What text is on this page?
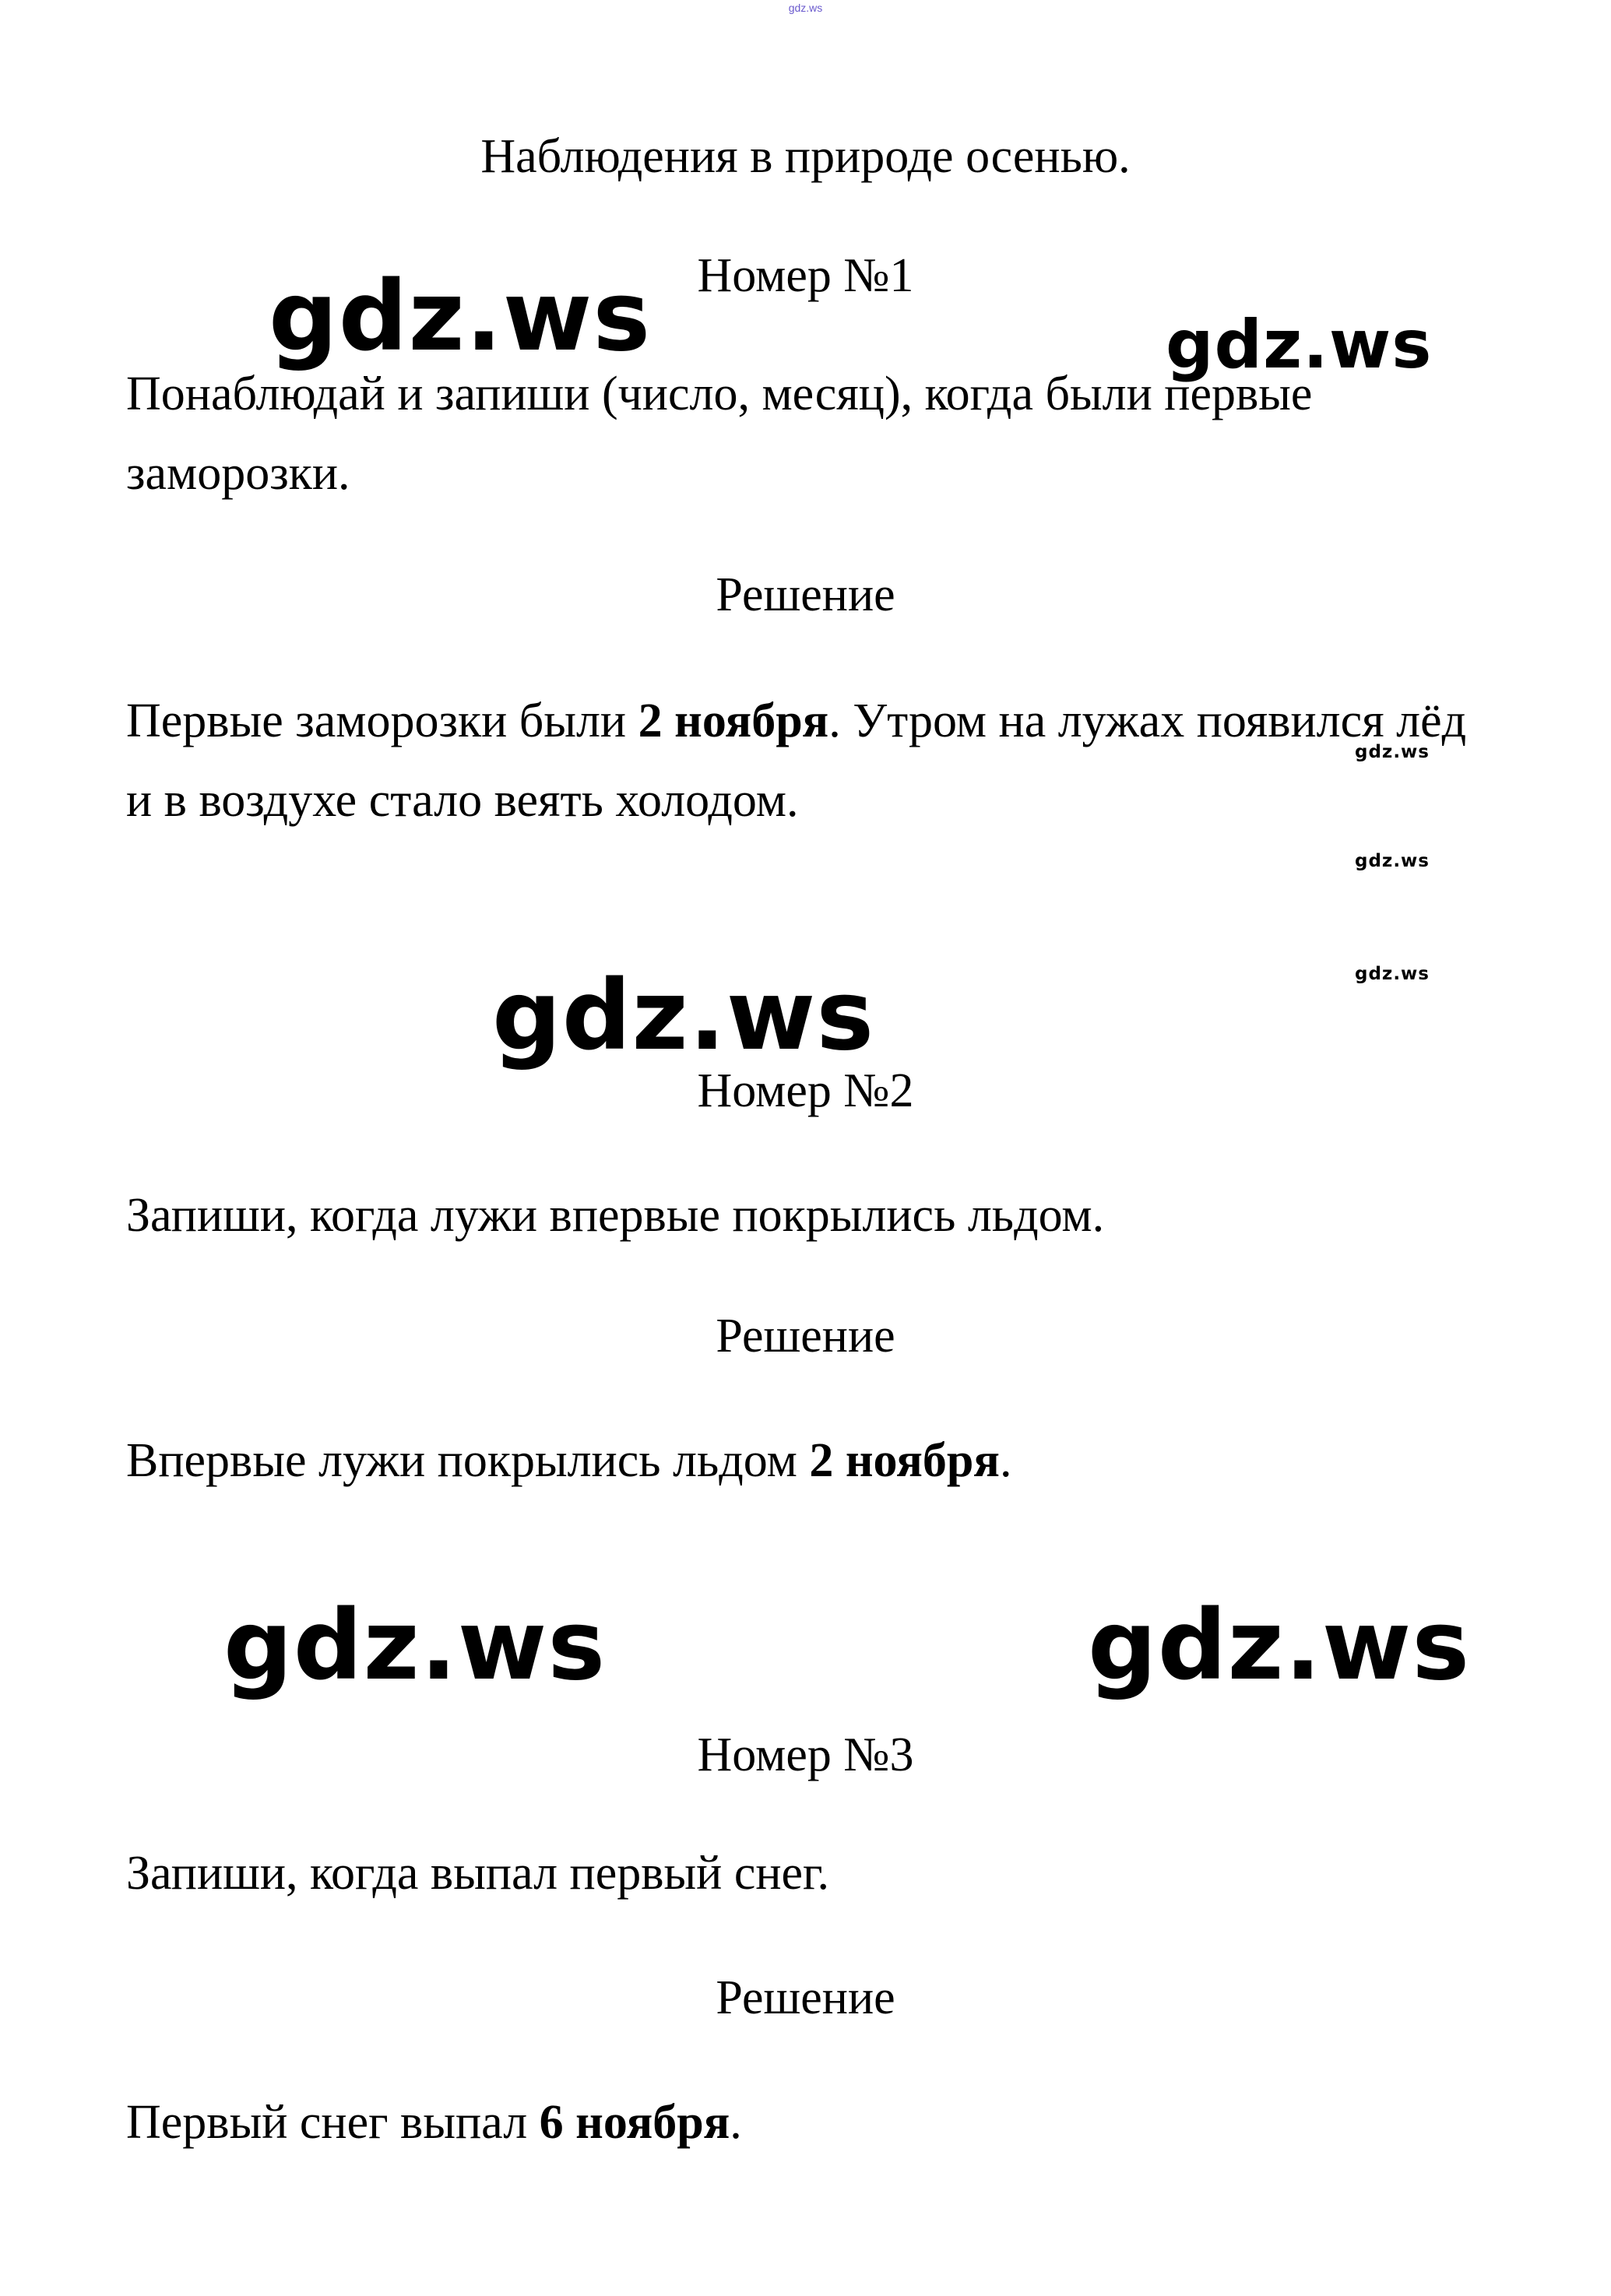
gdz.ws
Наблюдения в природе осенью.
Номер №1

Понаблюдай и запиши (число, месяц), когда были первые заморозки.

Решение

Первые заморозки были 2 ноября. Утром на лужах появился лёд и в воздухе стало веять холодом.

Номер №2

Запиши, когда лужи впервые покрылись льдом.

Решение

Впервые лужи покрылись льдом 2 ноября.

Номер №3

Запиши, когда выпал первый снег.

Решение

Первый снег выпал 6 ноября.

gdz.ws	gdz.ws
gdz.ws
gdz.ws
gdz.ws
gdz.ws
gdz.ws	gdz.ws
